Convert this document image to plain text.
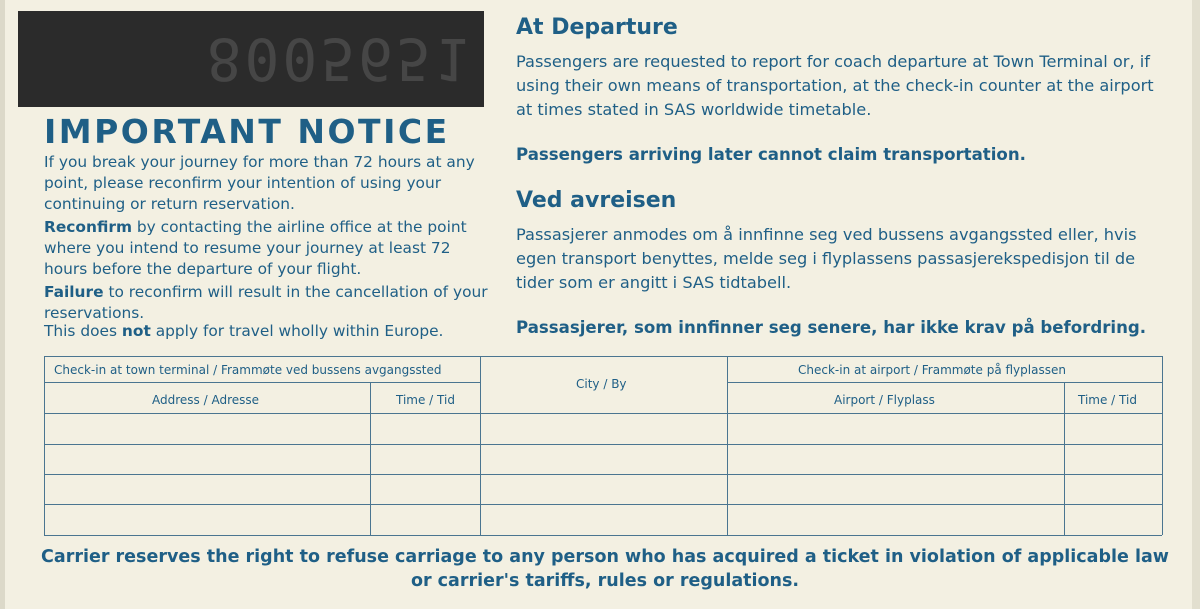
8005651
IMPORTANT NOTICE
If you break your journey for more than 72 hours at any point, please reconfirm your intention of using your continuing or return reservation.
Reconfirm by contacting the airline office at the point where you intend to resume your journey at least 72 hours before the departure of your flight.
Failure to reconfirm will result in the cancellation of your reservations.
This does not apply for travel wholly within Europe.
At Departure
Passengers are requested to report for coach departure at Town Terminal or, if using their own means of transportation, at the check-in counter at the airport at times stated in SAS worldwide timetable.
Passengers arriving later cannot claim transportation.
Ved avreisen
Passasjerer anmodes om å innfinne seg ved bussens avgangssted eller, hvis egen transport benyttes, melde seg i flyplassens passasjerekspedisjon til de tider som er angitt i SAS tidtabell.
Passasjerer, som innfinner seg senere, har ikke krav på befordring.
Check-in at town terminal / Frammøte ved bussens avgangssted
Address / Adresse	Time / Tid
City / By
Check-in at airport / Frammøte på flyplassen
Airport / Flyplass	Time / Tid
Carrier reserves the right to refuse carriage to any person who has acquired a ticket in violation of applicable law or carrier's tariffs, rules or regulations.
